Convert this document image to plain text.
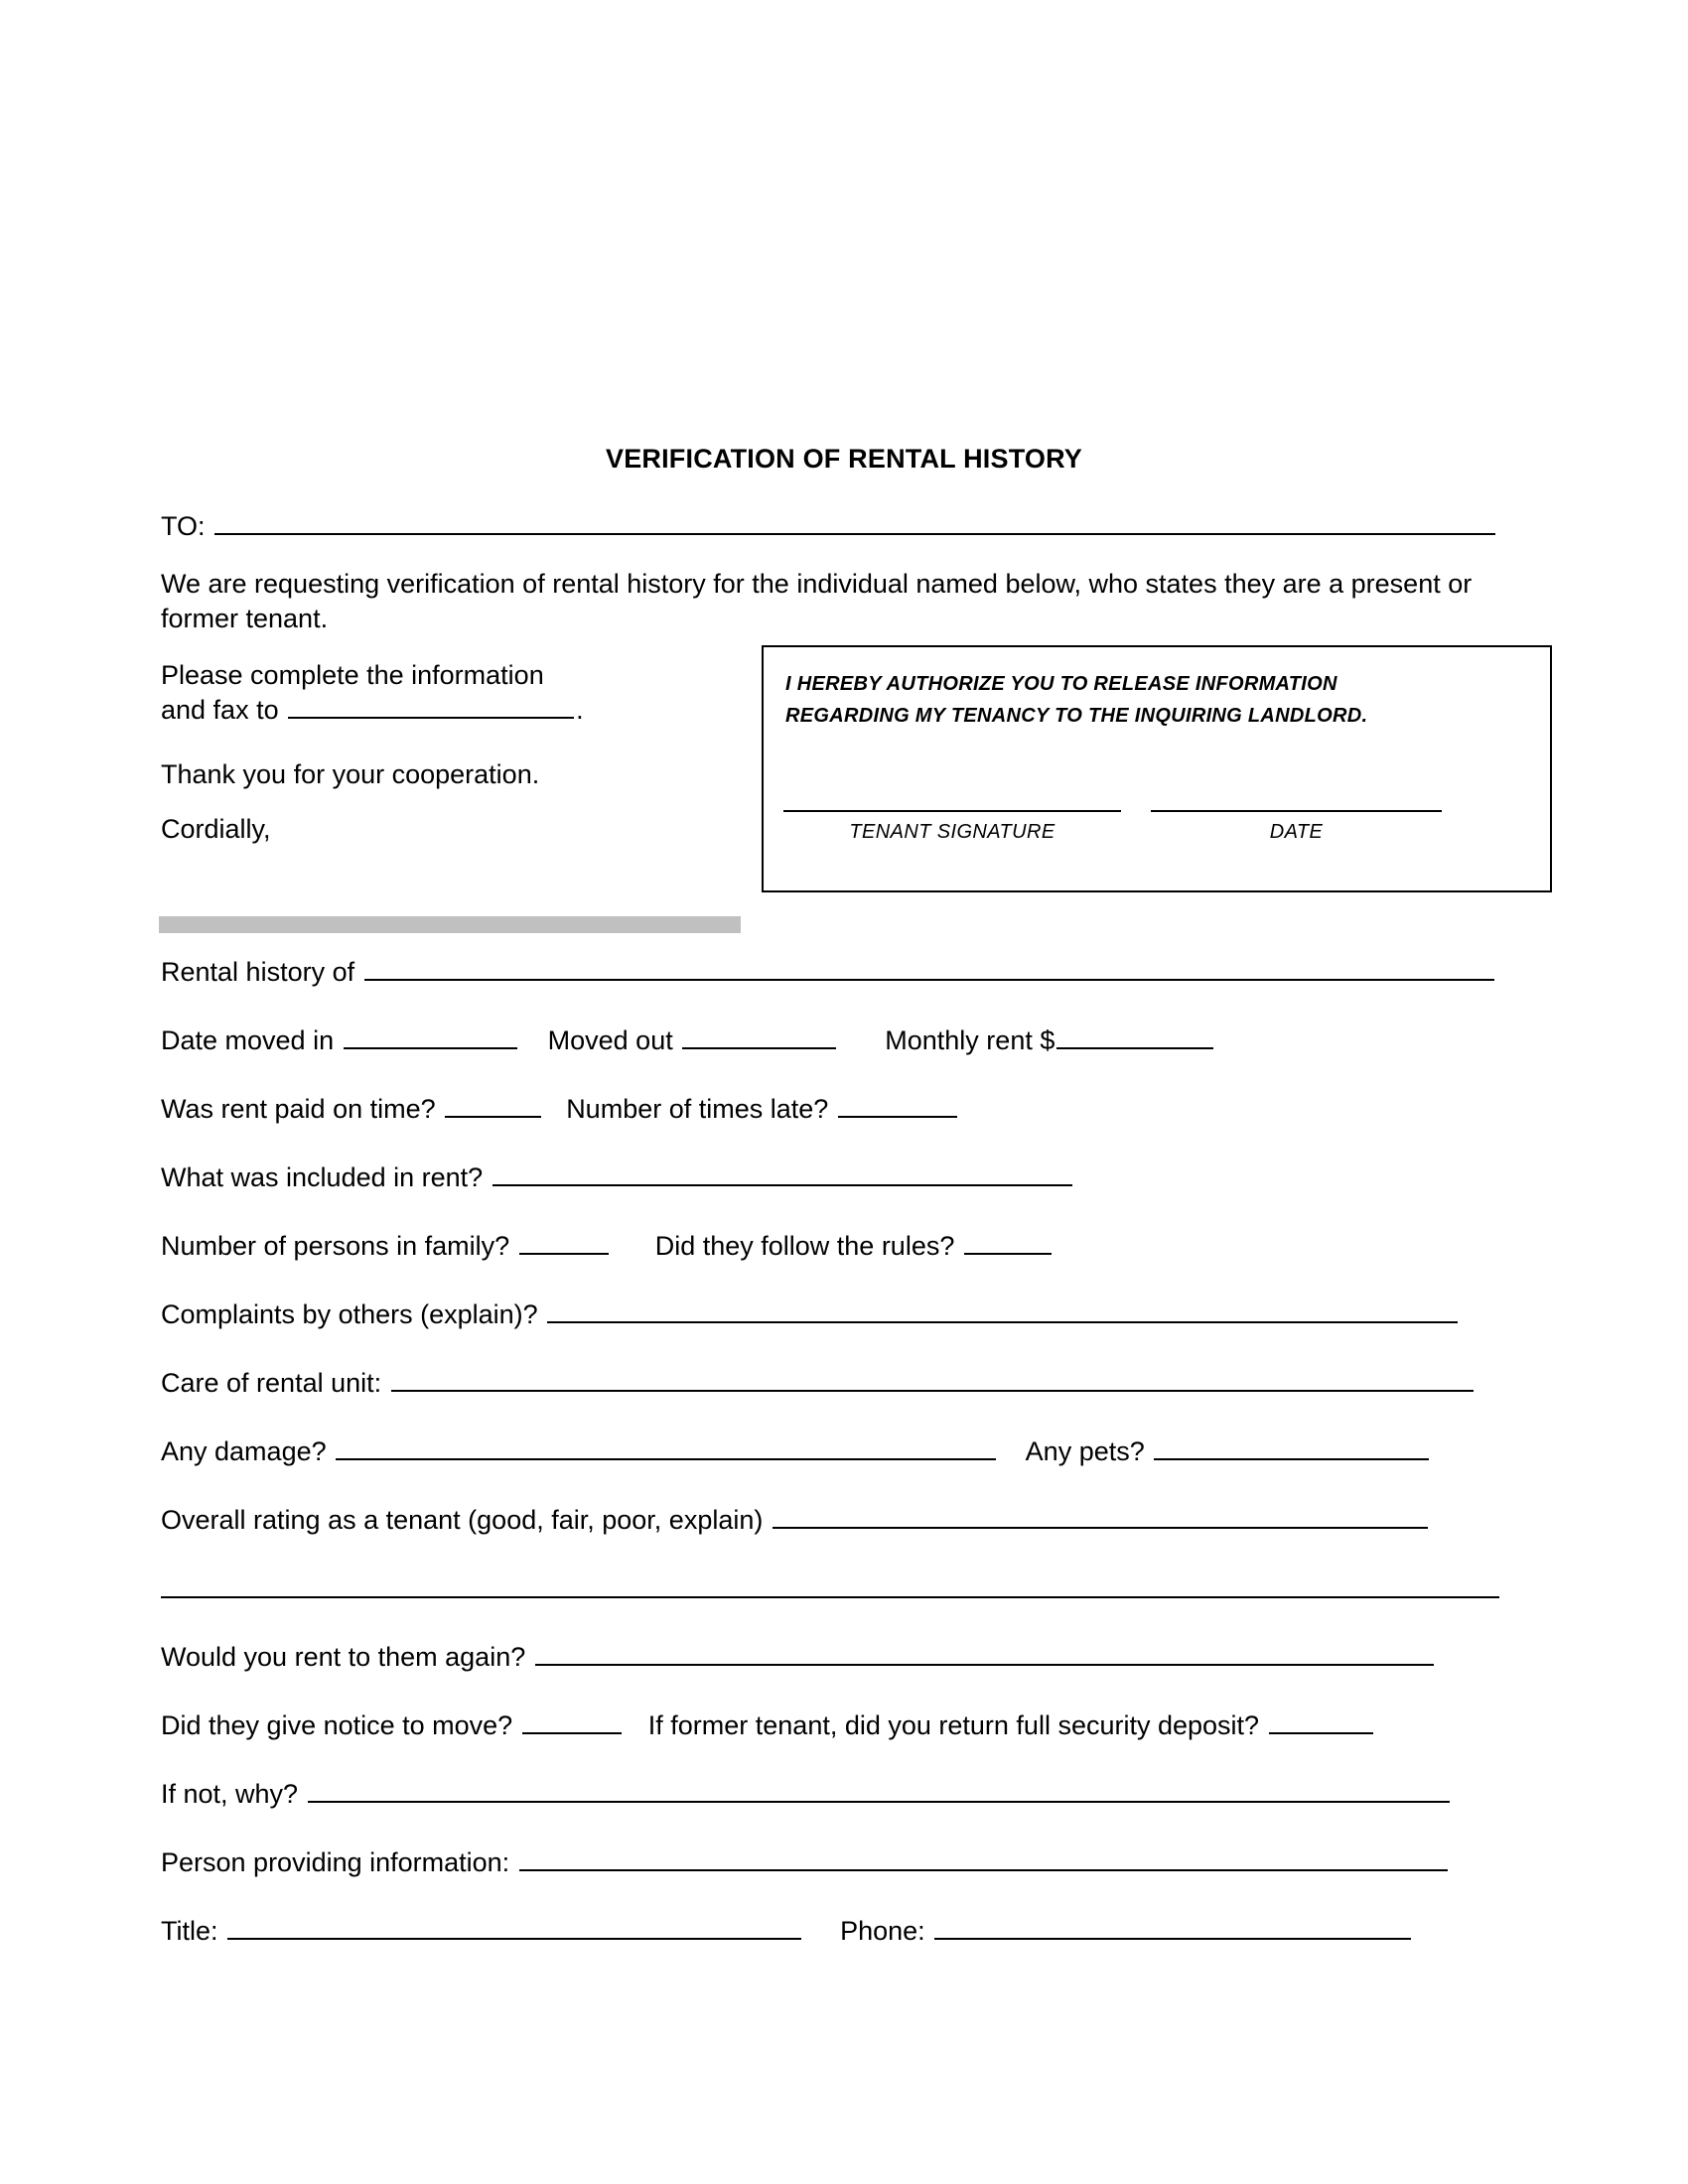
VERIFICATION OF RENTAL HISTORY
TO:
We are requesting verification of rental history for the individual named below, who states they are a present or former tenant.
Please complete the information
and fax to	.
Thank you for your cooperation.
Cordially,
I HEREBY AUTHORIZE YOU TO RELEASE INFORMATION
REGARDING MY TENANCY TO THE INQUIRING LANDLORD.
TENANT SIGNATURE	DATE
Rental history of
Date moved in	Moved out	Monthly rent $
Was rent paid on time?	Number of times late?
What was included in rent?
Number of persons in family?	Did they follow the rules?
Complaints by others (explain)?
Care of rental unit:
Any damage?	Any pets?
Overall rating as a tenant (good, fair, poor, explain)
Would you rent to them again?
Did they give notice to move?	If former tenant, did you return full security deposit?
If not, why?
Person providing information:
Title:	Phone:
